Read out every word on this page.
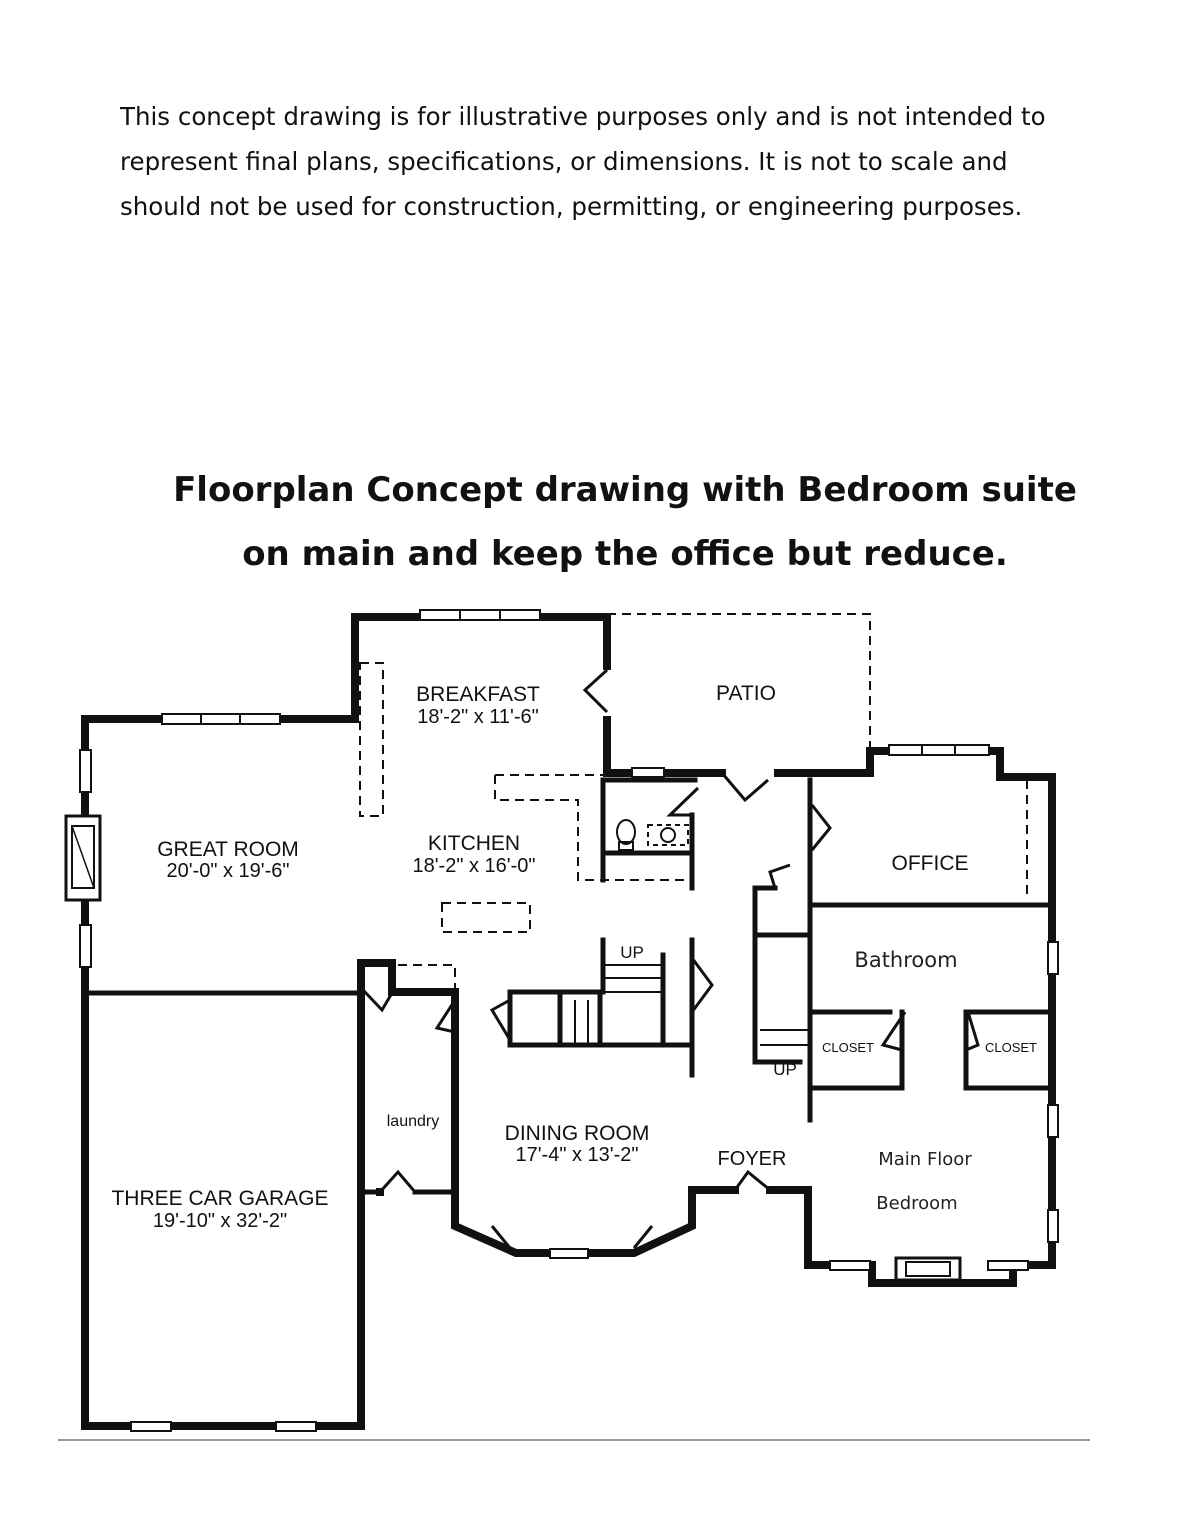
This concept drawing is for illustrative purposes only and is not intended to
represent final plans, specifications, or dimensions. It is not to scale and
should not be used for construction, permitting, or engineering purposes.
Floorplan Concept drawing with Bedroom suite
on main and keep the office but reduce.
BREAKFAST
18'-2" x 11'-6"
PATIO
GREAT ROOM
20'-0" x 19'-6"
KITCHEN
18'-2" x 16'-0"	OFFICE
Bathroom
CLOSET	CLOSET
UP
UP
laundry
DINING ROOM
17'-4" x 13'-2"	FOYER	Main Floor
Bedroom
THREE CAR GARAGE
19'-10" x 32'-2"
